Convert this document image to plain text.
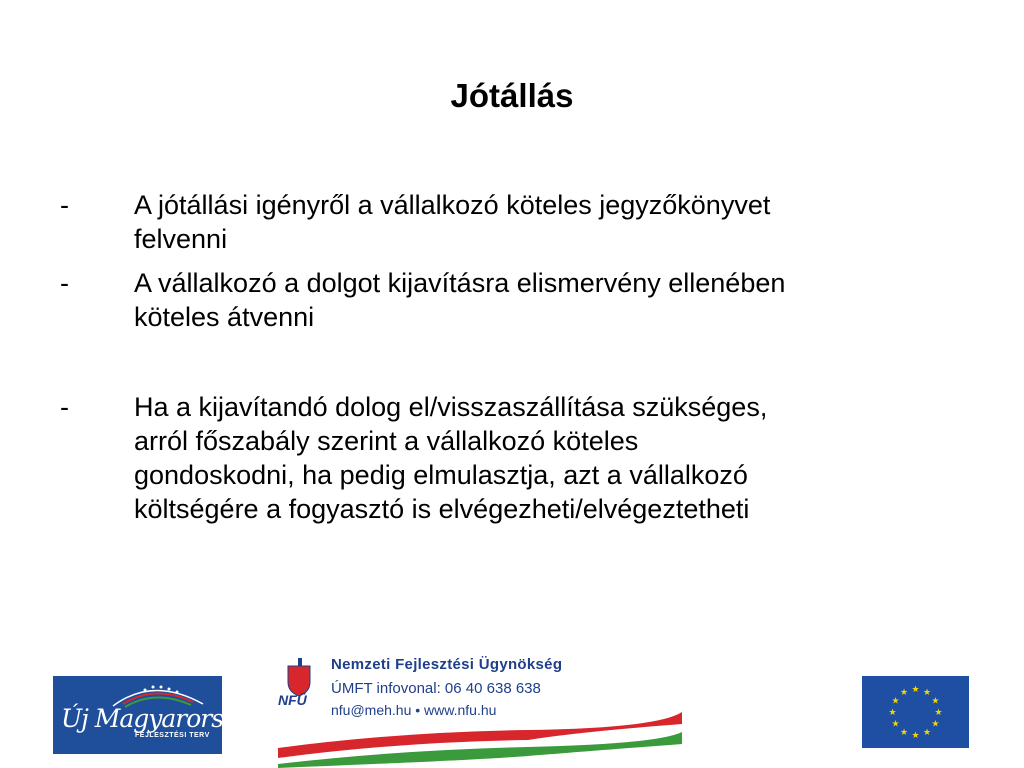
Jótállás
-	A jótállási igényről a vállalkozó köteles jegyzőkönyvet
felvenni
-	A vállalkozó a dolgot kijavításra elismervény ellenében
köteles átvenni
-	Ha a kijavítandó dolog el/visszaszállítása szükséges,
arról főszabály szerint a vállalkozó köteles
gondoskodni, ha pedig elmulasztja, azt a vállalkozó
költségére a fogyasztó is elvégezheti/elvégeztetheti
Új Magyarország
FEJLESZTÉSI TERV
Nemzeti Fejlesztési Ügynökség
ÚMFT infovonal: 06 40 638 638
nfu@meh.hu • www.nfu.hu
NFÜ
★ ★
★
★
★
★
★
★
★
★
★
★
